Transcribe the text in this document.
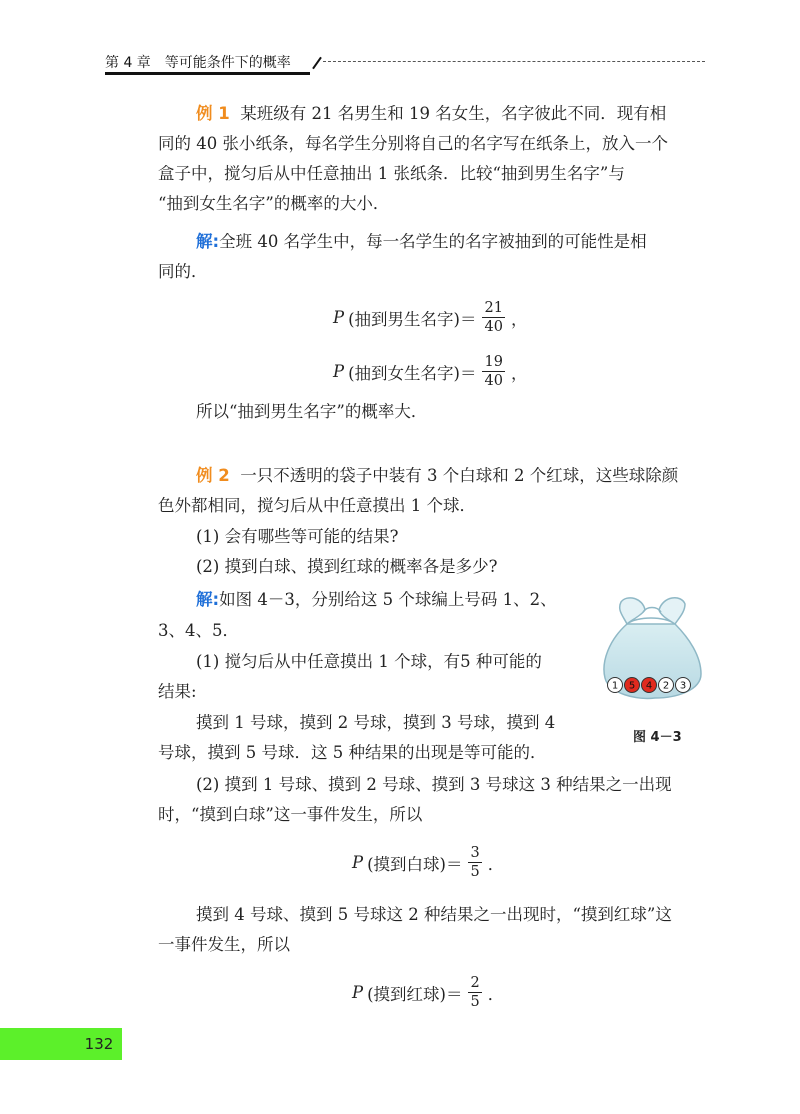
第 4 章　等可能条件下的概率
例 1 某班级有 21 名男生和 19 名女生，名字彼此不同．现有相
同的 40 张小纸条，每名学生分别将自己的名字写在纸条上，放入一个
盒子中，搅匀后从中任意抽出 1 张纸条．比较“抽到男生名字”与
“抽到女生名字”的概率的大小．
解:全班 40 名学生中，每一名学生的名字被抽到的可能性是相
同的．
P (抽到男生名字)＝ $\frac{21}{40}$ ，
P (抽到女生名字)＝ $\frac{19}{40}$ ，
所以“抽到男生名字”的概率大．
例 2 一只不透明的袋子中装有 3 个白球和 2 个红球，这些球除颜
色外都相同，搅匀后从中任意摸出 1 个球．
(1) 会有哪些等可能的结果?
(2) 摸到白球、摸到红球的概率各是多少?
解:如图 4－3，分别给这 5 个球编上号码 1、2、
3、4、5．
(1) 搅匀后从中任意摸出 1 个球，有5 种可能的
结果:
摸到 1 号球，摸到 2 号球，摸到 3 号球，摸到 4
号球，摸到 5 号球．这 5 种结果的出现是等可能的．
(2) 摸到 1 号球、摸到 2 号球、摸到 3 号球这 3 种结果之一出现
时，“摸到白球”这一事件发生，所以
P (摸到白球)＝ $\frac{3}{5}$ ．
摸到 4 号球、摸到 5 号球这 2 种结果之一出现时，“摸到红球”这
一事件发生，所以
P (摸到红球)＝ $\frac{2}{5}$ ．
1 5 4 2 3
图 4－3
132
